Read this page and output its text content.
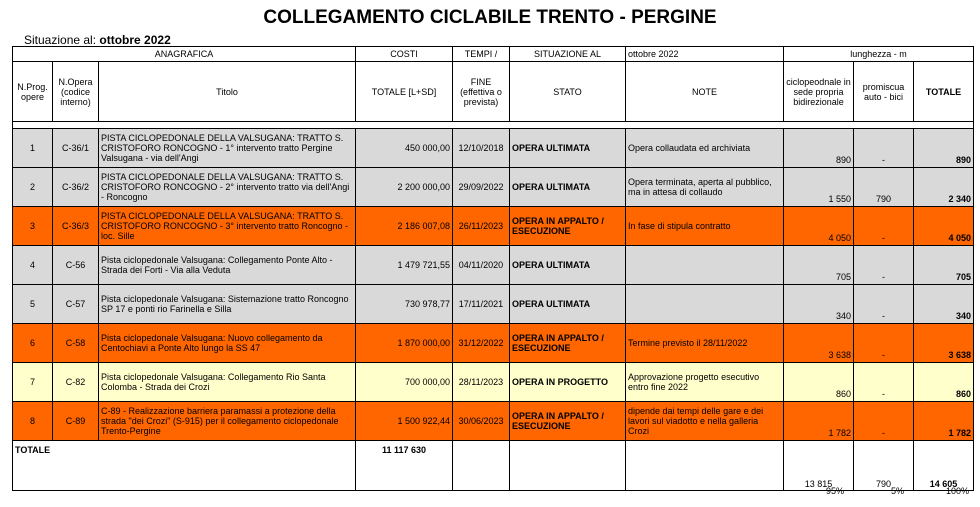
COLLEGAMENTO CICLABILE TRENTO - PERGINE
Situazione al: ottobre 2022
ANAGRAFICA			COSTI	TEMPI /	SITUAZIONE AL	ottobre 2022	lunghezza - m		
N.Prog. opere	N.Opera (codice interno)	Titolo	TOTALE [L+SD]	FINE (effettiva o prevista)	STATO	NOTE	ciclopeodnale in sede propria bidirezionale	promiscua auto - bici	TOTALE

1	C-36/1	PISTA CICLOPEDONALE DELLA VALSUGANA: TRATTO S. CRISTOFORO RONCOGNO - 1° intervento tratto Pergine Valsugana - via dell'Angi	450 000,00	12/10/2018	OPERA ULTIMATA	Opera collaudata ed archiviata	890	-	890
2	C-36/2	PISTA CICLOPEDONALE DELLA VALSUGANA: TRATTO S. CRISTOFORO RONCOGNO - 2° intervento tratto via dell'Angi - Roncogno	2 200 000,00	29/09/2022	OPERA ULTIMATA	Opera terminata, aperta al pubblico, ma in attesa di collaudo	1 550	790	2 340
3	C-36/3	PISTA CICLOPEDONALE DELLA VALSUGANA: TRATTO S. CRISTOFORO RONCOGNO - 3° intervento tratto Roncogno - loc. Sille	2 186 007,08	26/11/2023	OPERA IN APPALTO / ESECUZIONE	In fase di stipula contratto	4 050	-	4 050
4	C-56	Pista ciclopedonale Valsugana: Collegamento Ponte Alto - Strada dei Forti - Via alla Veduta	1 479 721,55	04/11/2020	OPERA ULTIMATA		705	-	705
5	C-57	Pista ciclopedonale Valsugana: Sistemazione tratto Roncogno SP 17 e ponti rio Farinella e Silla	730 978,77	17/11/2021	OPERA ULTIMATA		340	-	340
6	C-58	Pista ciclopedonale Valsugana: Nuovo collegamento da Centochiavi a Ponte Alto lungo la SS 47	1 870 000,00	31/12/2022	OPERA IN APPALTO / ESECUZIONE	Termine previsto il 28/11/2022	3 638	-	3 638
7	C-82	Pista ciclopedonale Valsugana: Collegamento Rio Santa Colomba - Strada dei Crozi	700 000,00	28/11/2023	OPERA IN PROGETTO	Approvazione progetto esecutivo entro fine 2022	860	-	860
8	C-89	C-89 - Realizzazione barriera paramassi a protezione della strada "dei Crozi" (S-915) per il collegamento ciclopedonale Trento-Pergine	1 500 922,44	30/06/2023	OPERA IN APPALTO / ESECUZIONE	dipende dai tempi delle gare e dei lavori sul viadotto e nella galleria Crozi	1 782	-	1 782
TOTALE			11 117 630				13 815	790	14 605
95%	5%	100%
